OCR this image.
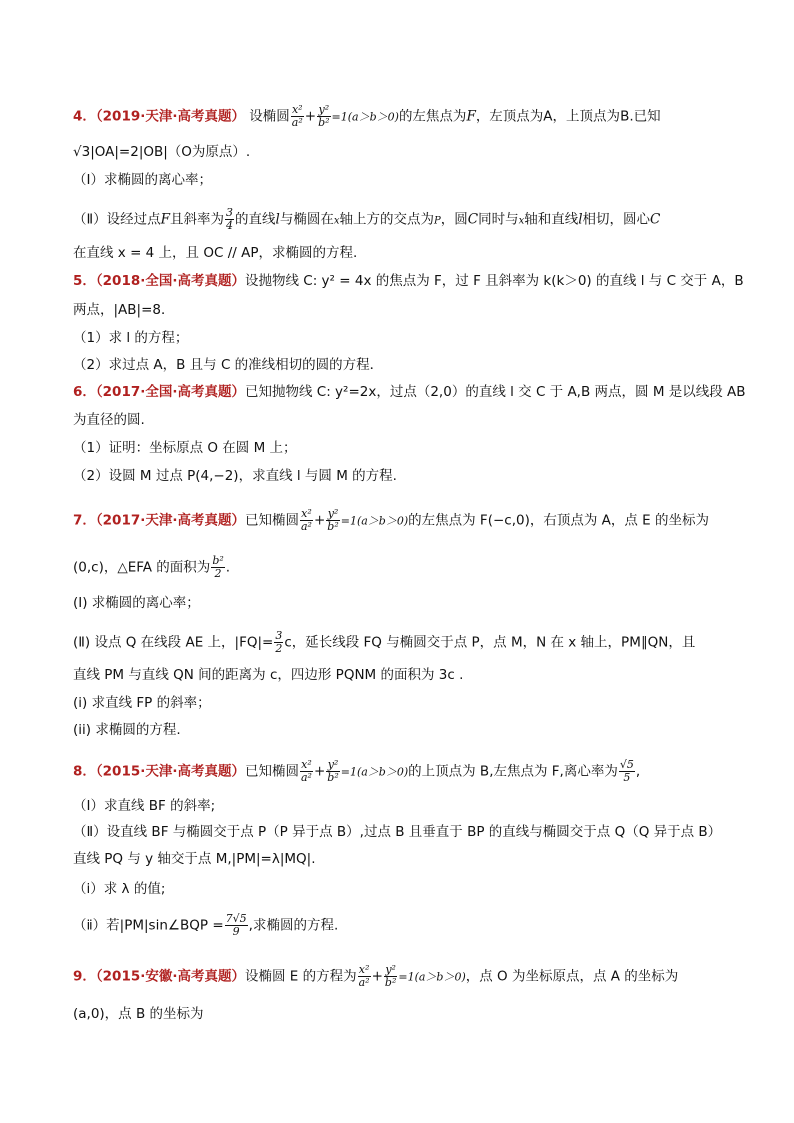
4．（2019·天津·高考真题） 设椭圆 $\frac{\text{x²}}{\text{a²}} + \frac{\text{y²}}{\text{b²}} =1(a>b>0)$的左焦点为F，左顶点为A，上顶点为B.已知
√3|OA|=2|OB|（O为原点）.
（Ⅰ）求椭圆的离心率；
（Ⅱ）设经过点F且斜率为 $\frac{3}{4}$ 的直线l与椭圆在x轴上方的交点为P，圆C同时与x轴和直线l相切，圆心C
在直线 x = 4 上，且 OC // AP，求椭圆的方程.
5．（2018·全国·高考真题）设抛物线 C: y² = 4x 的焦点为 F，过 F 且斜率为 k(k＞0) 的直线 l 与 C 交于 A，B
两点，|AB|=8．
（1）求 l 的方程；
（2）求过点 A，B 且与 C 的准线相切的圆的方程．
6．（2017·全国·高考真题）已知抛物线 C: y²=2x，过点（2,0）的直线 l 交 C 于 A,B 两点，圆 M 是以线段 AB
为直径的圆.
（1）证明：坐标原点 O 在圆 M 上；
（2）设圆 M 过点 P(4,−2)，求直线 l 与圆 M 的方程.
7．（2017·天津·高考真题）已知椭圆 $\frac{\text{x²}}{\text{a²}} + \frac{\text{y²}}{\text{b²}} =1(a>b>0)$的左焦点为 F(−c,0)，右顶点为 A，点 E 的坐标为
(0,c)，△EFA 的面积为 $\frac{\text{b²}}{2}$ .
(Ⅰ) 求椭圆的离心率；
(Ⅱ) 设点 Q 在线段 AE 上，$|FQ|= \frac{3}{2}$ c，延长线段 FQ 与椭圆交于点 P，点 M，N 在 x 轴上，PM∥QN，且
直线 PM 与直线 QN 间的距离为 c，四边形 PQNM 的面积为 3c .
(i) 求直线 FP 的斜率；
(ii) 求椭圆的方程.
8．（2015·天津·高考真题）已知椭圆 $\frac{\text{x²}}{\text{a²}} + \frac{\text{y²}}{\text{b²}} =1(a>b>0)$的上顶点为 B,左焦点为 F,离心率为 $\frac{√5}{5}$ ,
（Ⅰ）求直线 BF 的斜率;
（Ⅱ）设直线 BF 与椭圆交于点 P（P 异于点 B）,过点 B 且垂直于 BP 的直线与椭圆交于点 Q（Q 异于点 B）
直线 PQ 与 y 轴交于点 M,|PM|=λ|MQ|.
（ⅰ）求 λ 的值;
（ⅱ）若|PM|sin∠BQP = $\frac{7√5}{9}$ ,求椭圆的方程.
9．（2015·安徽·高考真题）设椭圆 E 的方程为 $\frac{\text{x²}}{\text{a²}} + \frac{\text{y²}}{\text{b²}} =1(a>b>0)$，点 O 为坐标原点，点 A 的坐标为
(a,0)，点 B 的坐标为
